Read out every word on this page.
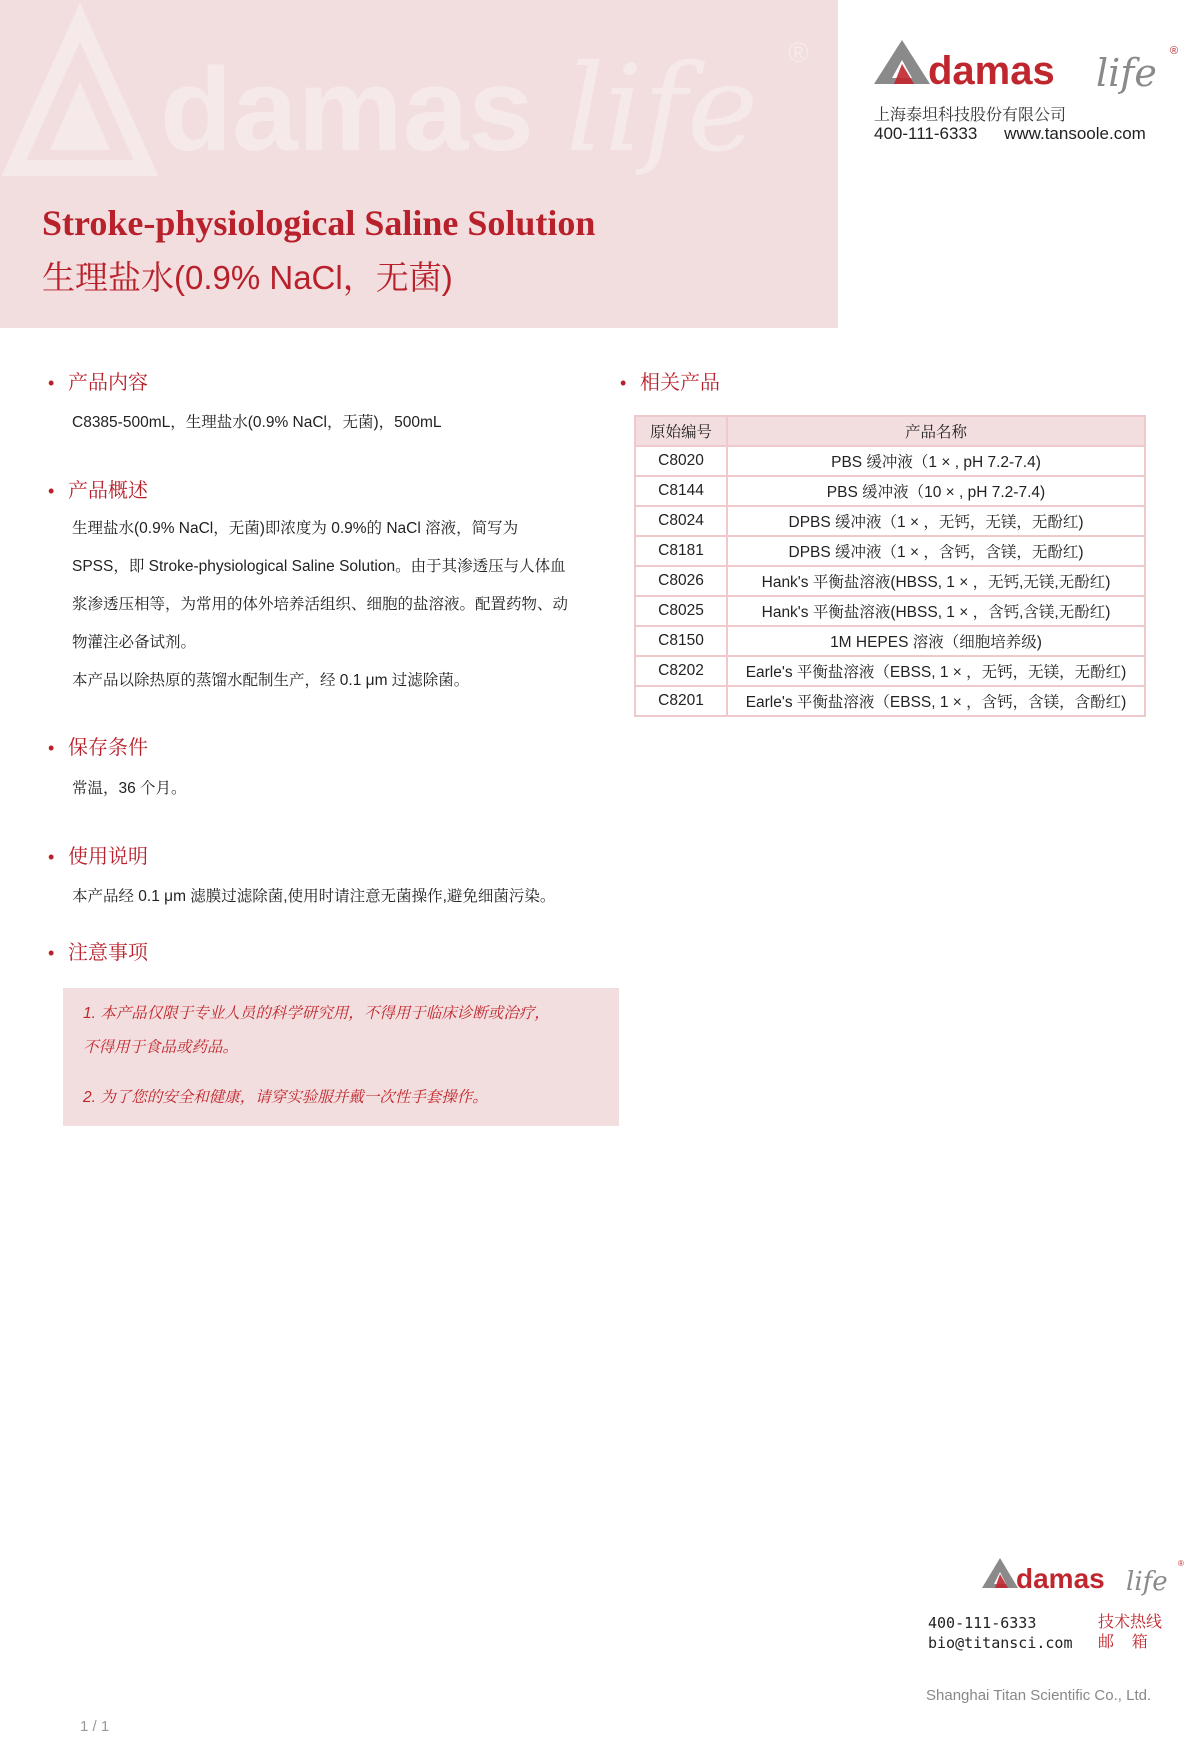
damas life ®
Stroke-physiological Saline Solution
生理盐水(0.9% NaCl，无菌)
damas life ®
上海泰坦科技股份有限公司
400-111-6333 www.tansoole.com
• 产品内容
C8385-500mL，生理盐水(0.9% NaCl，无菌)，500mL
• 产品概述
生理盐水(0.9% NaCl，无菌)即浓度为 0.9%的 NaCl 溶液，简写为
SPSS，即 Stroke-physiological Saline Solution。由于其渗透压与人体血
浆渗透压相等，为常用的体外培养活组织、细胞的盐溶液。配置药物、动
物灌注必备试剂。
本产品以除热原的蒸馏水配制生产，经 0.1 μm 过滤除菌。
• 保存条件
常温，36 个月。
• 使用说明
本产品经 0.1 μm 滤膜过滤除菌,使用时请注意无菌操作,避免细菌污染。
• 注意事项
1. 本产品仅限于专业人员的科学研究用，不得用于临床诊断或治疗，
不得用于食品或药品。
2. 为了您的安全和健康，请穿实验服并戴一次性手套操作。
• 相关产品
原始编号	产品名称
C8020	PBS 缓冲液（1 × , pH 7.2-7.4)
C8144	PBS 缓冲液（10 × , pH 7.2-7.4)
C8024	DPBS 缓冲液（1 × ，无钙，无镁，无酚红)
C8181	DPBS 缓冲液（1 × ，含钙，含镁，无酚红)
C8026	Hank's 平衡盐溶液(HBSS, 1 × ，无钙,无镁,无酚红)
C8025	Hank's 平衡盐溶液(HBSS, 1 × ，含钙,含镁,无酚红)
C8150	1M HEPES 溶液（细胞培养级)
C8202	Earle's 平衡盐溶液（EBSS, 1 × ，无钙，无镁，无酚红)
C8201	Earle's 平衡盐溶液（EBSS, 1 × ，含钙，含镁，含酚红)
damas life
®
400-111-6333
bio@titansci.com
技术热线
邮    箱
Shanghai Titan Scientific Co., Ltd.
1 / 1
